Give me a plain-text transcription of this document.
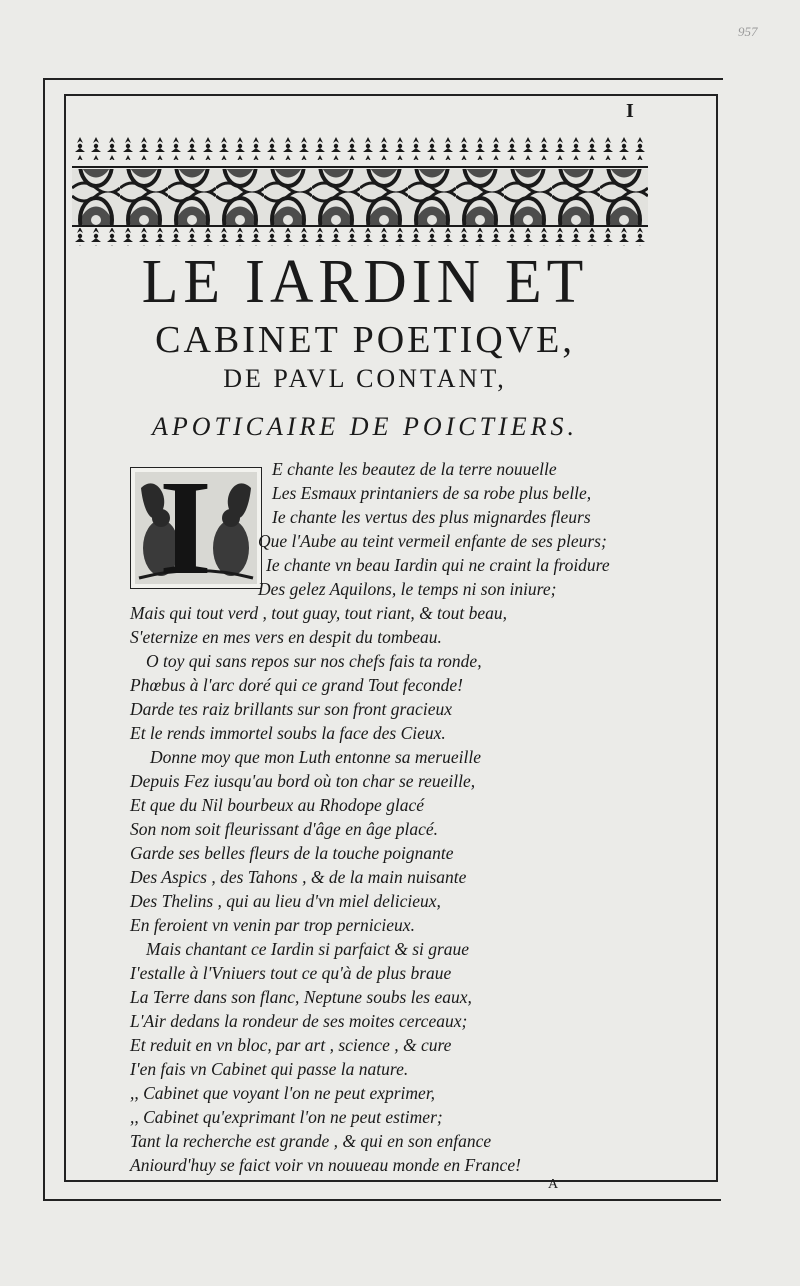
957
I
LE IARDIN ET
CABINET POETIQVE,
DE PAVL CONTANT,
APOTICAIRE DE POICTIERS.
I	E chante les beautez de la terre nouuelle
Les Esmaux printaniers de sa robe plus belle,
Ie chante les vertus des plus mignardes fleurs
Que l'Aube au teint vermeil enfante de ses pleurs;
Ie chante vn beau Iardin qui ne craint la froidure
Des gelez Aquilons, le temps ni son iniure;
Mais qui tout verd , tout guay, tout riant, & tout beau,
S'eternize en mes vers en despit du tombeau.
O toy qui sans repos sur nos chefs fais ta ronde,
Phœbus à l'arc doré qui ce grand Tout feconde!
Darde tes raiz brillants sur son front gracieux
Et le rends immortel soubs la face des Cieux.
Donne moy que mon Luth entonne sa merueille
Depuis Fez iusqu'au bord où ton char se reueille,
Et que du Nil bourbeux au Rhodope glacé
Son nom soit fleurissant d'âge en âge placé.
Garde ses belles fleurs de la touche poignante
Des Aspics , des Tahons , & de la main nuisante
Des Thelins , qui au lieu d'vn miel delicieux,
En feroient vn venin par trop pernicieux.
Mais chantant ce Iardin si parfaict & si graue
I'estalle à l'Vniuers tout ce qu'à de plus braue
La Terre dans son flanc, Neptune soubs les eaux,
L'Air dedans la rondeur de ses moites cerceaux;
Et reduit en vn bloc, par art , science , & cure
I'en fais vn Cabinet qui passe la nature.
,, Cabinet que voyant l'on ne peut exprimer,
,, Cabinet qu'exprimant l'on ne peut estimer;
Tant la recherche est grande , & qui en son enfance
Aniourd'huy se faict voir vn nouueau monde en France!
A
